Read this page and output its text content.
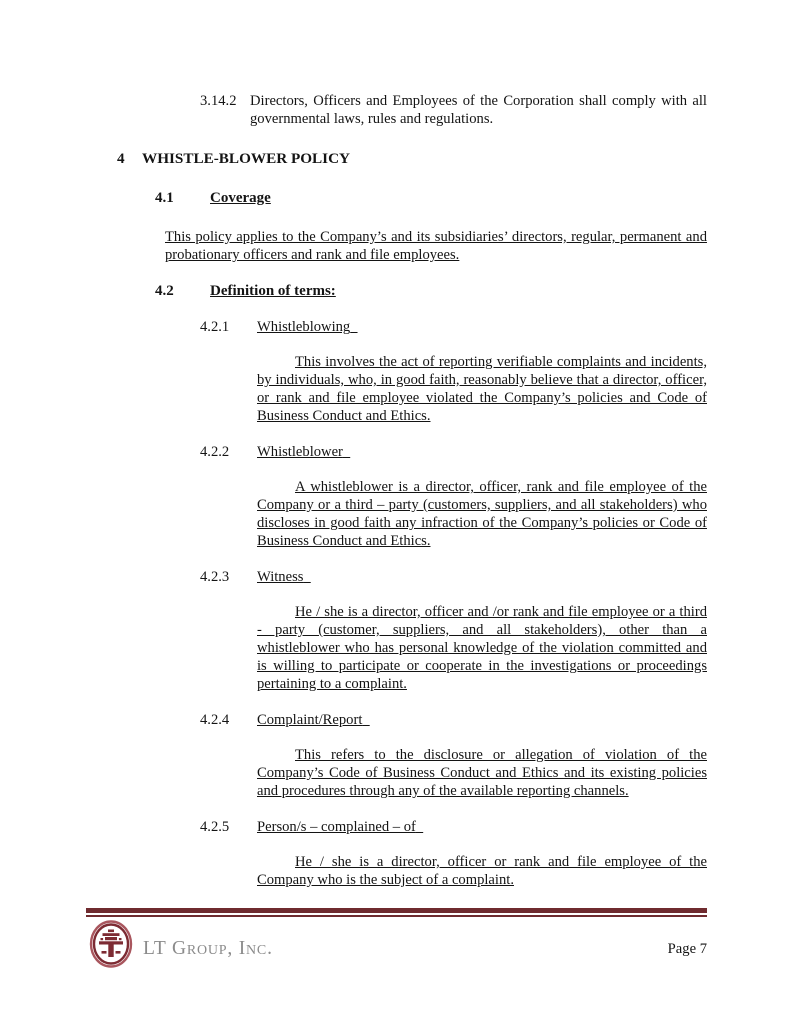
3.14.2 Directors, Officers and Employees of the Corporation shall comply with all governmental laws, rules and regulations.
4	WHISTLE-BLOWER POLICY
4.1	Coverage
This policy applies to the Company’s and its subsidiaries’ directors, regular, permanent and probationary officers and rank and file employees.
4.2	Definition of terms:
4.2.1	Whistleblowing
This involves the act of reporting verifiable complaints and incidents, by individuals, who, in good faith, reasonably believe that a director, officer, or rank and file employee violated the Company’s policies and Code of Business Conduct and Ethics.
4.2.2	Whistleblower
A whistleblower is a director, officer, rank and file employee of the Company or a third – party (customers, suppliers, and all stakeholders) who discloses in good faith any infraction of the Company’s policies or Code of Business Conduct and Ethics.
4.2.3	Witness
He / she is a director, officer and /or rank and file employee or a third - party (customer, suppliers, and all stakeholders), other than a whistleblower who has personal knowledge of the violation committed and is willing to participate or cooperate in the investigations or proceedings pertaining to a complaint.
4.2.4	Complaint/Report
This refers to the disclosure or allegation of violation of the Company’s Code of Business Conduct and Ethics and its existing policies and procedures through any of the available reporting channels.
4.2.5	Person/s – complained – of
He / she is a director, officer or rank and file employee of the Company who is the subject of a complaint.
LT Group, Inc.	Page 7
